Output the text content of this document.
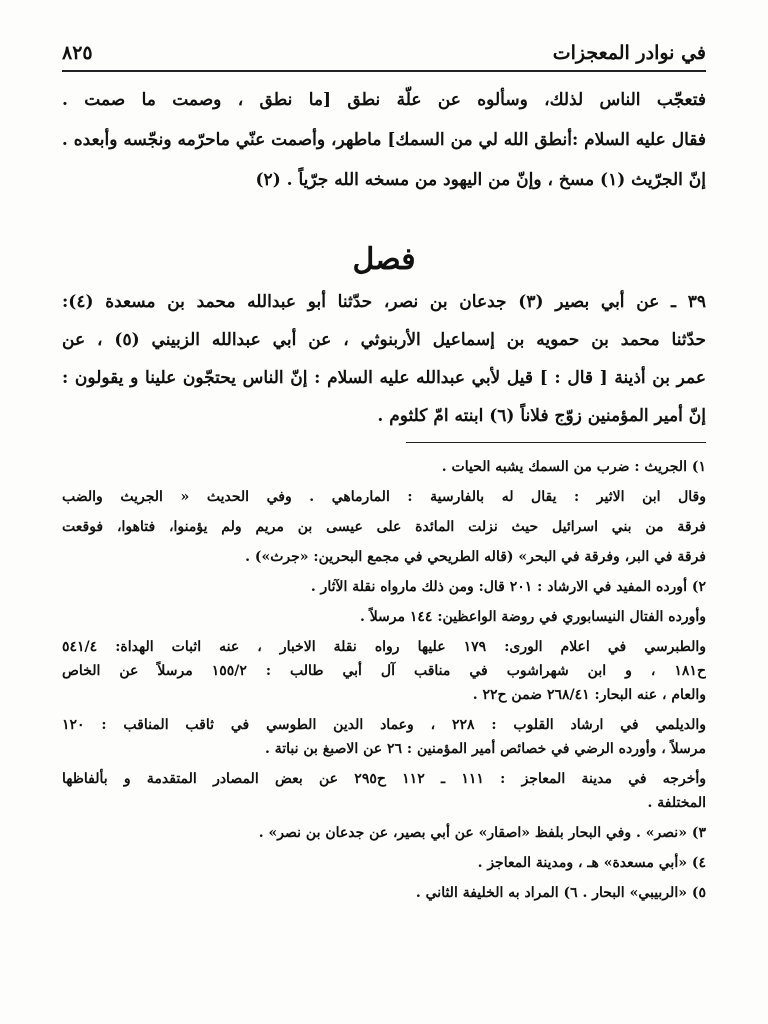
في نوادر المعجزات
٨٢٥
فتعجّب الناس لذلك، وسألوه عن علّة نطق [ما نطق ، وصمت ما صمت .
فقال عليه السلام :أنطق الله لي من السمك] ماطهر، وأصمت عنّي ماحرّمه ونجّسه وأبعده .
إنّ الجرّيث (١) مسخ ، وإنّ من اليهود من مسخه الله جرّياً . (٢)
فصل
٣٩ ـ عن أبي بصير (٣) جدعان بن نصر، حدّثنا أبو عبدالله محمد بن مسعدة (٤):
حدّثنا محمد بن حمويه بن إسماعيل الأربنوثي ، عن أبي عبدالله الزبيني (٥) ، عن
عمر بن أذينة [ قال : ] قيل لأبي عبدالله عليه السلام : إنّ الناس يحتجّون علينا و يقولون :
إنّ أمير المؤمنين زوّج فلاناً (٦) ابنته امّ كلثوم .
١) الجريث : ضرب من السمك يشبه الحيات .
وقال ابن الاثير : يقال له بالفارسية : المارماهي . وفي الحديث « الجريث والضب
فرقة من بني اسرائيل حيث نزلت المائدة على عيسى بن مريم ولم يؤمنوا، فتاهوا، فوقعت
فرقة في البر، وفرقة في البحر» (قاله الطريحي في مجمع البحرين: «جرث») .
٢) أورده المفيد في الارشاد : ٢٠١ قال: ومن ذلك مارواه نقلة الآثار .
وأورده الفتال النيسابوري في روضة الواعظين: ١٤٤ مرسلاً .
والطبرسي في اعلام الورى: ١٧٩ عليها رواه نقلة الاخبار ، عنه اثبات الهداة: ٥٤١/٤
ح١٨١ ، و ابن شهراشوب في مناقب آل أبي طالب : ١٥٥/٢ مرسلاً عن الخاص
والعام ، عنه البحار: ٢٦٨/٤١ ضمن ح٢٢ .
والديلمي في ارشاد القلوب : ٢٢٨ ، وعماد الدين الطوسي في ثاقب المناقب : ١٢٠
مرسلاً ، وأورده الرضي في خصائص أمير المؤمنين : ٢٦ عن الاصبغ بن نباتة .
وأخرجه في مدينة المعاجز : ١١١ ـ ١١٢ ح٢٩٥ عن بعض المصادر المتقدمة و بألفاظها
المختلفة .
٣) «نصر» . وفي البحار بلفظ «اصقار» عن أبي بصير، عن جدعان بن نصر» .
٤) «أبي مسعدة» هـ ، ومدينة المعاجز .
٥) «الربيبي» البحار . ٦) المراد به الخليفة الثاني .
